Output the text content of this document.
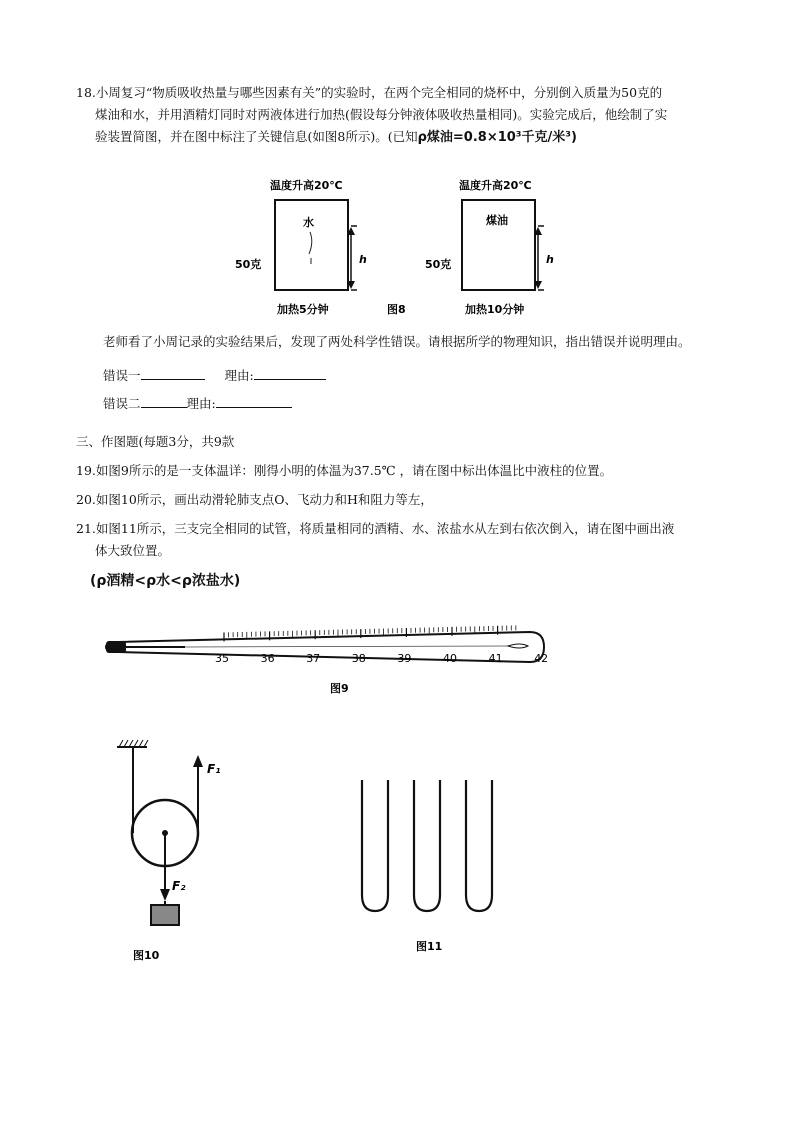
18.小周复习“物质吸收热量与哪些因素有关”的实验时，在两个完全相同的烧杯中，分别倒入质量为50克的
煤油和水，并用酒精灯同时对两液体进行加热(假设每分钟液体吸收热量相同)。实验完成后，他绘制了实
验装置简图，并在图中标注了关键信息(如图8所示)。(已知ρ煤油=0.8×10³千克/米³)
温度升高20℃
水
50克	h
加热5分钟	图8
温度升高20℃
煤油
50克	h
加热10分钟
老师看了小周记录的实验结果后，发现了两处科学性错误。请根据所学的物理知识，指出错误并说明理由。
错误一	理由:
错误二	理由:
三、作图题(每题3分，共9款
19.如图9所示的是一支体温详：刚得小明的体温为37.5℃ ，请在图中标出体温比中液柱的位置。
20.如图10所示，画出动滑轮肺支点O、飞动力和H和阻力等左，
21.如图11所示，三支完全相同的试管，将质量相同的酒精、水、浓盐水从左到右依次倒入，请在图中画出液
体大致位置。
(ρ酒精<ρ水<ρ浓盐水)
35	36	37	38	39	40	41	42
图9
F₁
F₂
图10
图11
